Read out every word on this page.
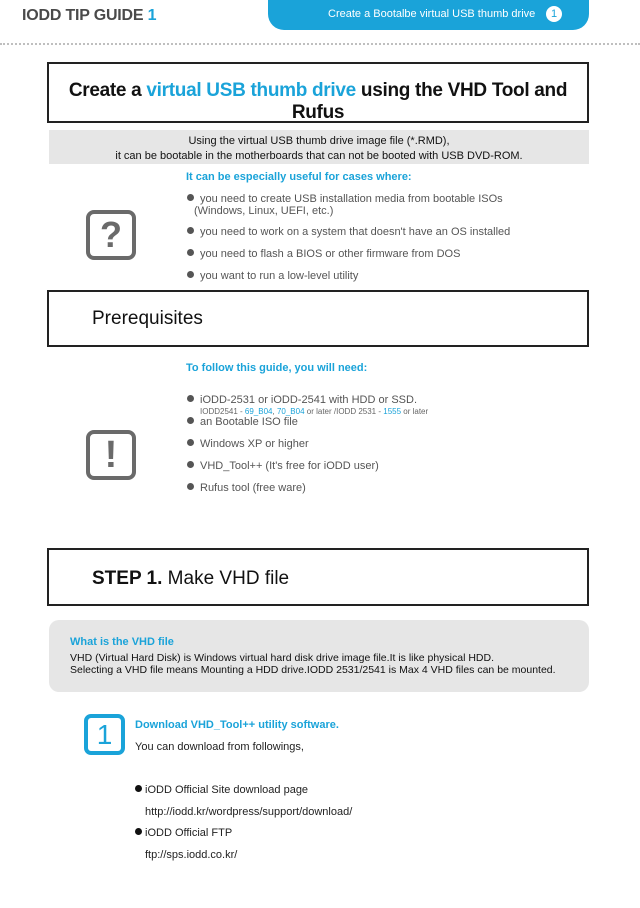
IODD TIP GUIDE 1	Create a Bootalbe virtual USB thumb drive	1
Create a virtual USB thumb drive using the VHD Tool and Rufus
Using the virtual USB thumb drive image file (*.RMD),
it can be bootable in the motherboards that can not be booted with USB DVD-ROM.
It can be especially useful for cases where:
?
you need to create USB installation media from bootable ISOs
(Windows, Linux, UEFI, etc.)
you need to work on a system that doesn't have an OS installed
you need to flash a BIOS or other firmware from DOS
you want to run a low-level utility
Prerequisites
To follow this guide, you will need:
!
iODD-2531 or iODD-2541 with HDD or SSD.
IODD2541 - 69_B04, 70_B04 or later /IODD 2531 - 1555 or later
an Bootable ISO file
Windows XP or higher
VHD_Tool++ (It's free for iODD user)
Rufus tool (free ware)
STEP 1. Make VHD file
What is the VHD file
VHD (Virtual Hard Disk) is Windows virtual hard disk drive image file.It is like physical HDD.
Selecting a VHD file means Mounting a HDD drive.IODD 2531/2541 is Max 4 VHD files can be mounted.
1	Download VHD_Tool++ utility software.
You can download from followings,
iODD Official Site download page
http://iodd.kr/wordpress/support/download/
iODD Official FTP
ftp://sps.iodd.co.kr/
